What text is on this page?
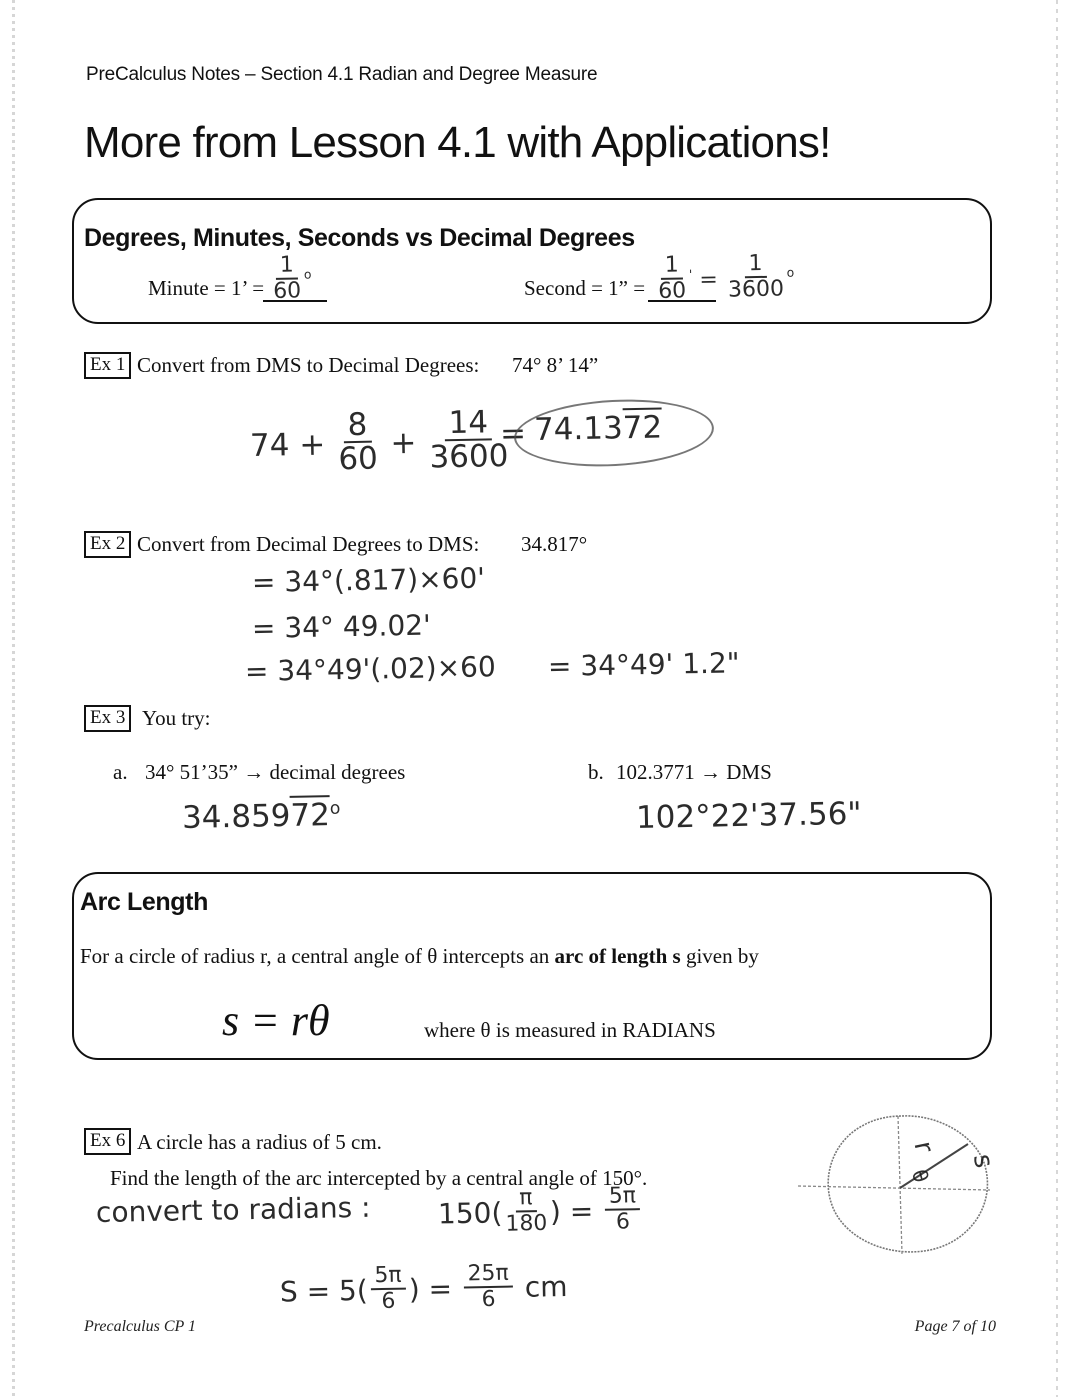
PreCalculus Notes – Section 4.1 Radian and Degree Measure
More from Lesson 4.1 with Applications!
Degrees, Minutes, Seconds vs Decimal Degrees
Minute = 1’ = $\frac{1}{60} ^o$
Second = 1” = $\frac{1}{60} ' = \frac{1}{3600} ^o$
Ex 1 Convert from DMS to Decimal Degrees: 74° 8’ 14”
$74 + \frac{8}{60} + \frac{14}{3600}$
= 74.1372
Ex 2 Convert from Decimal Degrees to DMS: 34.817°
= 34°(.817)×60'
= 34° 49.02'
= 34°49'(.02)×60 = 34°49' 1.2"
Ex 3 You try:
a. 34° 51’35” → decimal degrees
34.85972$^o$
b. 102.3771 → DMS
102°22'37.56"
Arc Length
For a circle of radius r, a central angle of θ intercepts an arc of length s given by
s = rθ	where θ is measured in RADIANS
Ex 6 A circle has a radius of 5 cm.
Find the length of the arc intercepted by a central angle of 150°.
convert to radians : $150( \frac{\pi}{180}$ ) = $\frac{5\pi}{6}$
$S = 5( \frac{5\pi}{6}$ ) = $\frac{25\pi}{6}$ cm
r
θ
s
Precalculus CP 1	Page 7 of 10
